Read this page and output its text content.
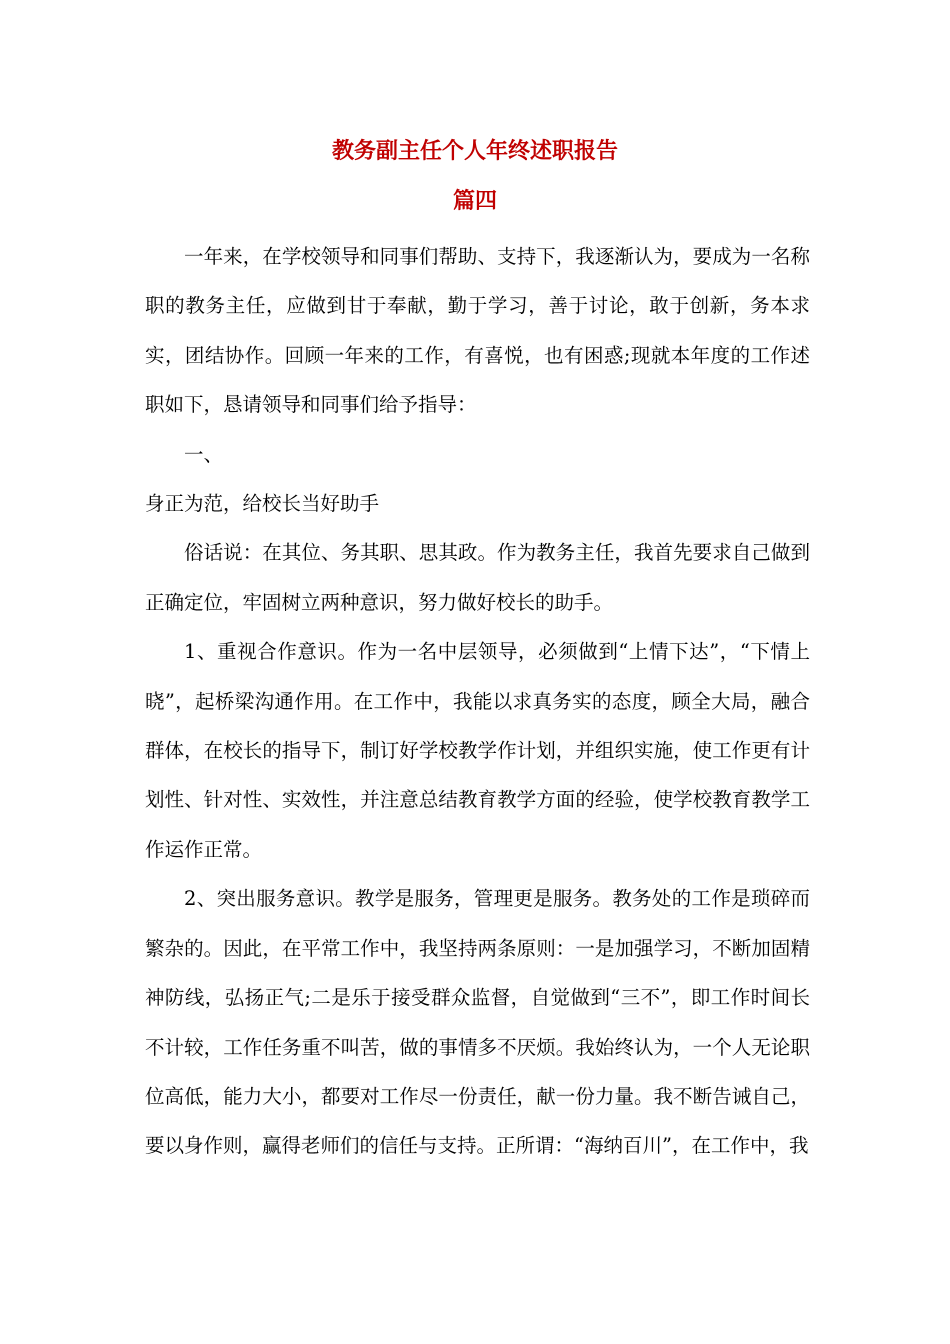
教务副主任个人年终述职报告
篇四

一年来，在学校领导和同事们帮助、支持下，我逐渐认为，要成为一名称职的教务主任，应做到甘于奉献，勤于学习，善于讨论，敢于创新，务本求实，团结协作。回顾一年来的工作，有喜悦，也有困惑;现就本年度的工作述职如下，恳请领导和同事们给予指导：

一、

身正为范，给校长当好助手

俗话说：在其位、务其职、思其政。作为教务主任，我首先要求自己做到正确定位，牢固树立两种意识，努力做好校长的助手。

1、重视合作意识。作为一名中层领导，必须做到“上情下达”，“下情上晓”，起桥梁沟通作用。在工作中，我能以求真务实的态度，顾全大局，融合群体，在校长的指导下，制订好学校教学作计划，并组织实施，使工作更有计划性、针对性、实效性，并注意总结教育教学方面的经验，使学校教育教学工作运作正常。

2、突出服务意识。教学是服务，管理更是服务。教务处的工作是琐碎而繁杂的。因此，在平常工作中，我坚持两条原则：一是加强学习，不断加固精神防线，弘扬正气;二是乐于接受群众监督，自觉做到“三不”，即工作时间长不计较，工作任务重不叫苦，做的事情多不厌烦。我始终认为，一个人无论职位高低，能力大小，都要对工作尽一份责任，献一份力量。我不断告诫自己，要以身作则，赢得老师们的信任与支持。正所谓：“海纳百川”，在工作中，我
